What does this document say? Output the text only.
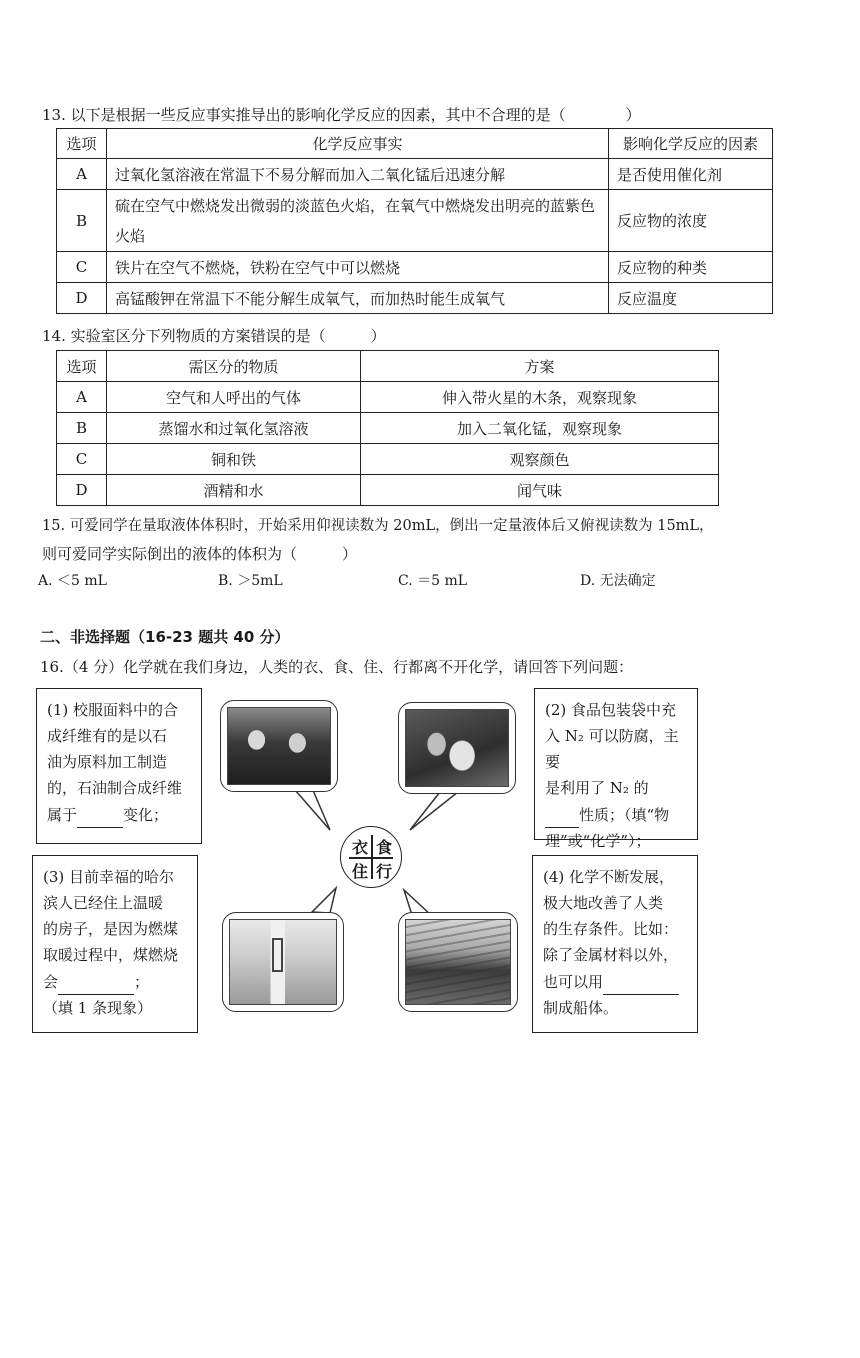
13. 以下是根据一些反应事实推导出的影响化学反应的因素，其中不合理的是（　　　　）
选项	化学反应事实	影响化学反应的因素
A	过氧化氢溶液在常温下不易分解而加入二氧化锰后迅速分解	是否使用催化剂
B	硫在空气中燃烧发出微弱的淡蓝色火焰，在氧气中燃烧发出明亮的蓝紫色火焰	反应物的浓度
C	铁片在空气不燃烧，铁粉在空气中可以燃烧	反应物的种类
D	高锰酸钾在常温下不能分解生成氧气，而加热时能生成氧气	反应温度
14. 实验室区分下列物质的方案错误的是（　　　）
选项	需区分的物质	方案
A	空气和人呼出的气体	伸入带火星的木条，观察现象
B	蒸馏水和过氧化氢溶液	加入二氧化锰，观察现象
C	铜和铁	观察颜色
D	酒精和水	闻气味
15. 可爱同学在量取液体体积时，开始采用仰视读数为 20mL，倒出一定量液体后又俯视读数为 15mL，
则可爱同学实际倒出的液体的体积为（　　　）
A. ＜5 mL	B. ＞5mL	C. ＝5 mL	D. 无法确定
二、非选择题（16-23 题共 40 分）
16.（4 分）化学就在我们身边，人类的衣、食、住、行都离不开化学，请回答下列问题：
(1) 校服面料中的合
成纤维有的是以石
油为原料加工制造
的，石油制合成纤维
属于	变化；
(2) 食品包装袋中充
入 N₂ 可以防腐，主要
是利用了 N₂ 的
性质；（填“物
理”或“化学”）；
(3) 目前幸福的哈尔
滨人已经住上温暖
的房子，是因为燃煤
取暖过程中，煤燃烧
会	；
（填 1 条现象）
(4) 化学不断发展，
极大地改善了人类
的生存条件。比如：
除了金属材料以外，
也可以用
制成船体。
衣 食
住 行
